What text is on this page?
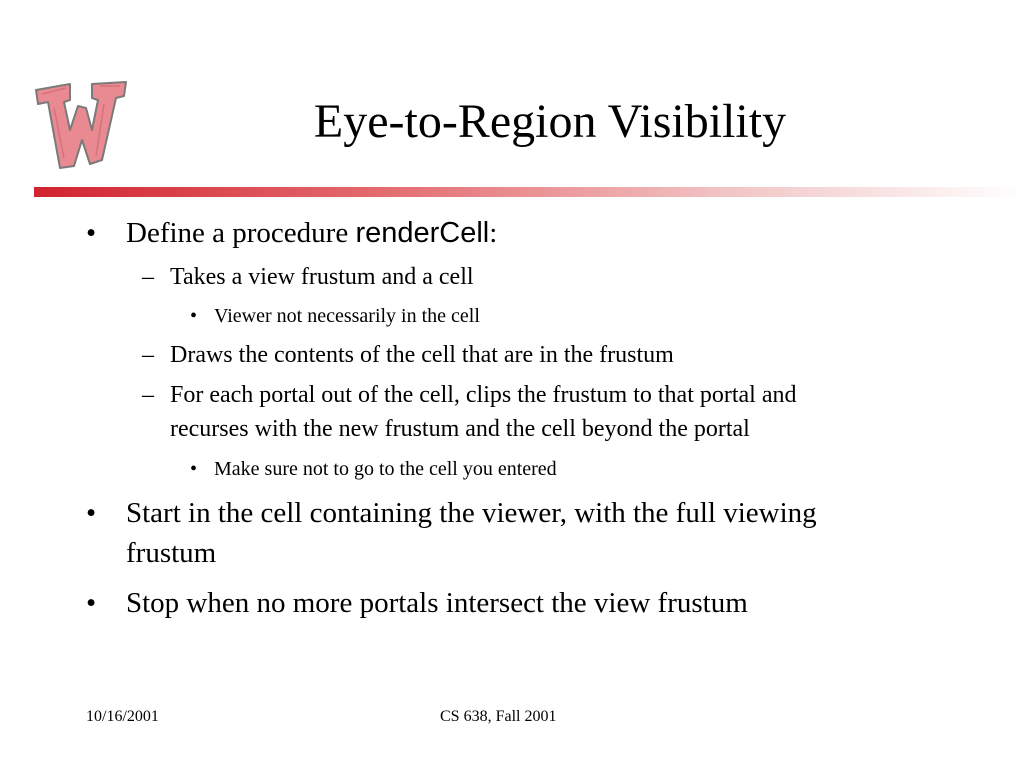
Eye-to-Region Visibility
• Define a procedure renderCell:
– Takes a view frustum and a cell
• Viewer not necessarily in the cell
– Draws the contents of the cell that are in the frustum
– For each portal out of the cell, clips the frustum to that portal and
recurses with the new frustum and the cell beyond the portal
• Make sure not to go to the cell you entered
• Start in the cell containing the viewer, with the full viewing
frustum
• Stop when no more portals intersect the view frustum
10/16/2001	CS 638, Fall 2001
